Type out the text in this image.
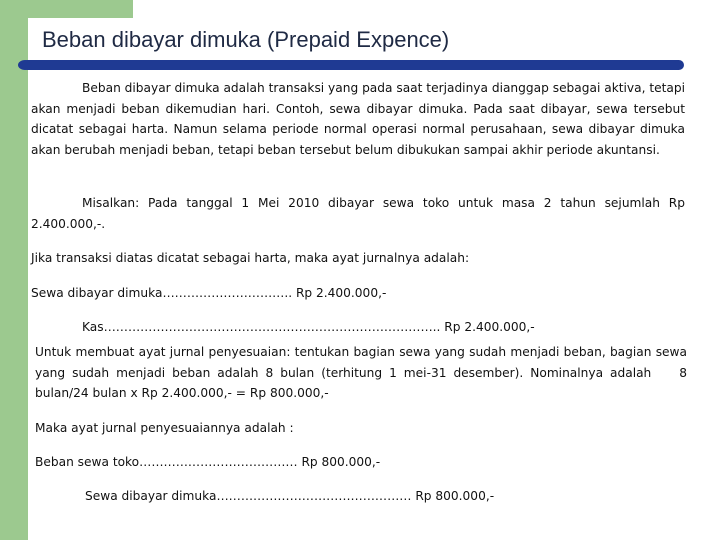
Beban dibayar dimuka (Prepaid Expence)
Beban dibayar dimuka adalah transaksi yang pada saat terjadinya dianggap sebagai aktiva, tetapi akan menjadi beban dikemudian hari. Contoh, sewa dibayar dimuka. Pada saat dibayar, sewa tersebut dicatat sebagai harta. Namun selama periode normal operasi normal perusahaan, sewa dibayar dimuka akan berubah menjadi beban, tetapi beban tersebut belum dibukukan sampai akhir periode akuntansi.
Misalkan: Pada tanggal 1 Mei 2010 dibayar sewa toko untuk masa 2 tahun sejumlah Rp 2.400.000,-.
Jika transaksi diatas dicatat sebagai harta, maka ayat jurnalnya adalah:
Sewa dibayar dimuka………………………….. Rp 2.400.000,-
Kas……………………………………………………………………….. Rp 2.400.000,-
Untuk membuat ayat jurnal penyesuaian: tentukan bagian sewa yang sudah menjadi beban, bagian sewa yang sudah menjadi beban adalah 8 bulan (terhitung 1 mei-31 desember). Nominalnya adalah 8 bulan/24 bulan x Rp 2.400.000,- = Rp 800.000,-
Maka ayat jurnal penyesuaiannya adalah :
Beban sewa toko………………………………… Rp 800.000,-
Sewa dibayar dimuka………………………………………… Rp 800.000,-
